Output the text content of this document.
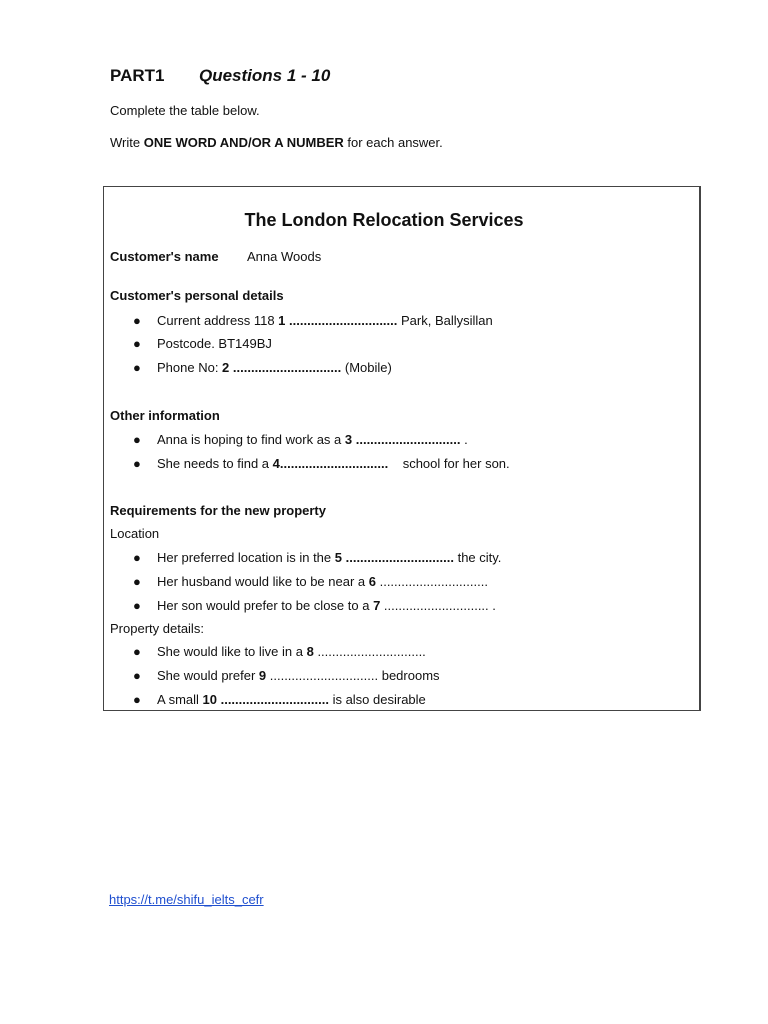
PART1 Questions 1 - 10
Complete the table below.
Write ONE WORD AND/OR A NUMBER for each answer.
The London Relocation Services
Customer's name Anna Woods
Customer's personal details
● Current address 118 1 .............................. Park, Ballysillan
● Postcode. BT149BJ
● Phone No: 2 .............................. (Mobile)
Other information
● Anna is hoping to find work as a 3 ............................. .
● She needs to find a 4..............................    school for her son.
Requirements for the new property
Location
● Her preferred location is in the 5 .............................. the city.
● Her husband would like to be near a 6 ..............................
● Her son would prefer to be close to a 7 ............................. .
Property details:
● She would like to live in a 8 ..............................
● She would prefer 9 .............................. bedrooms
● A small 10 .............................. is also desirable
https://t.me/shifu_ielts_cefr
